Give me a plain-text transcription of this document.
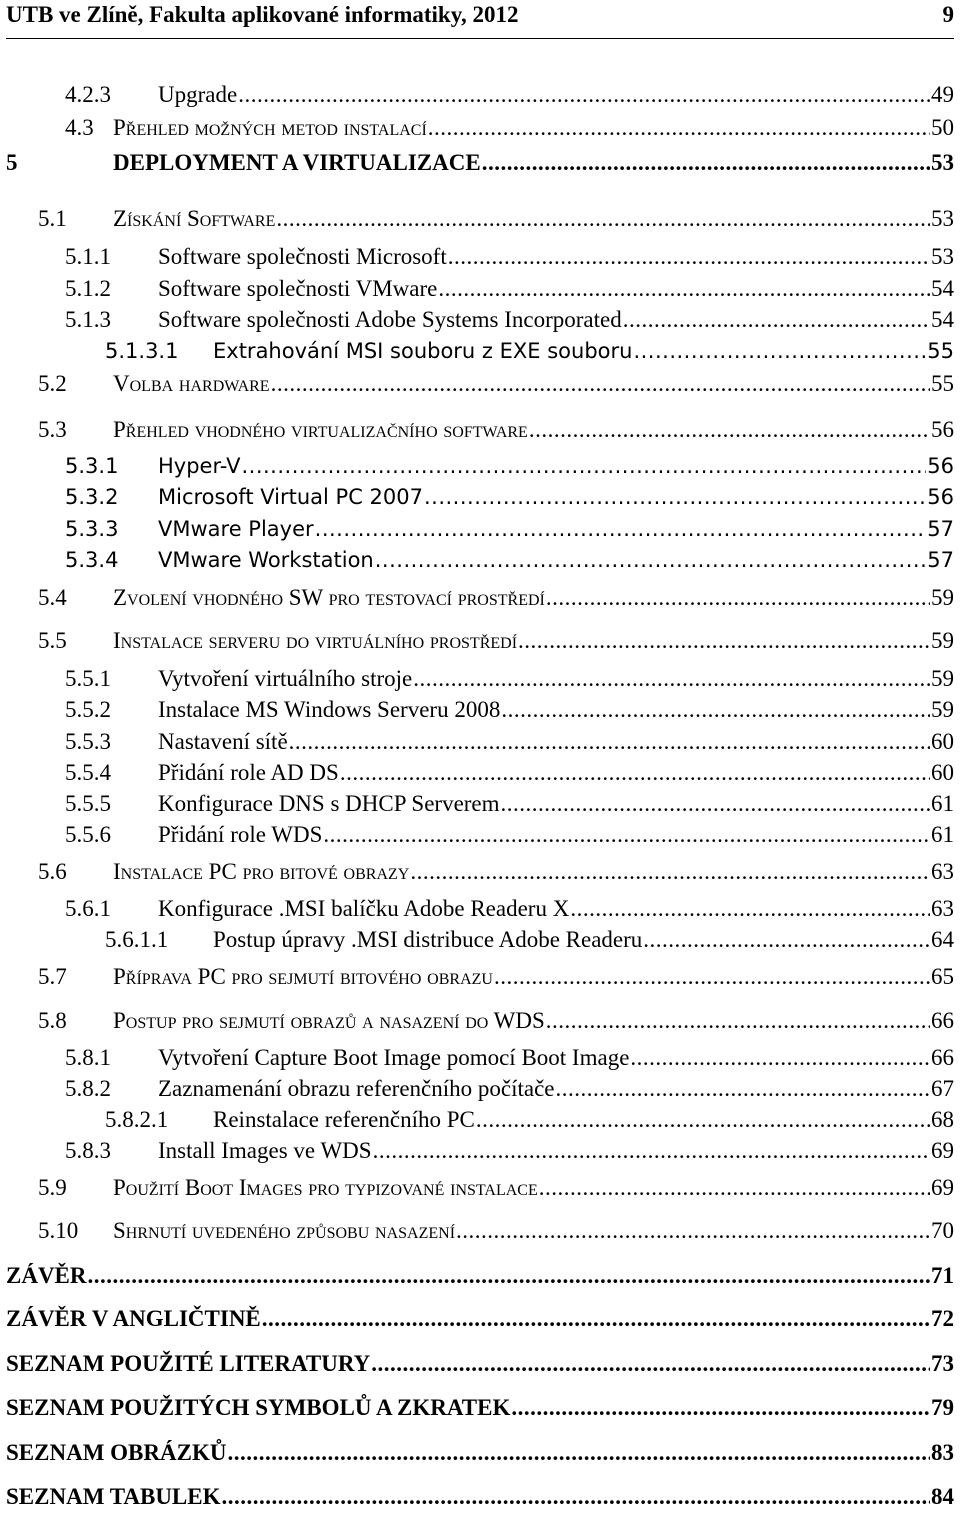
UTB ve Zlíně, Fakulta aplikované informatiky, 2012	9
4.2.3	Upgrade .....	49
4.3 Přehled možných metod instalací .....	50
5	DEPLOYMENT A VIRTUALIZACE .....	53
5.1	Získání Software .....	53
5.1.1	Software společnosti Microsoft .....	53
5.1.2	Software společnosti VMware .....	54
5.1.3	Software společnosti Adobe Systems Incorporated .....	54
5.1.3.1	Extrahování MSI souboru z EXE souboru .....	55
5.2	Volba hardware .....	55
5.3	Přehled vhodného virtualizačního software .....	56
5.3.1	Hyper-V .....	56
5.3.2	Microsoft Virtual PC 2007 .....	56
5.3.3	VMware Player .....	57
5.3.4	VMware Workstation .....	57
5.4	Zvolení vhodného SW pro testovací prostředí .....	59
5.5	Instalace serveru do virtuálního prostředí .....	59
5.5.1	Vytvoření virtuálního stroje .....	59
5.5.2	Instalace MS Windows Serveru 2008 .....	59
5.5.3	Nastavení sítě .....	60
5.5.4	Přidání role AD DS .....	60
5.5.5	Konfigurace DNS s DHCP Serverem .....	61
5.5.6	Přidání role WDS .....	61
5.6	Instalace PC pro bitové obrazy .....	63
5.6.1	Konfigurace .MSI balíčku Adobe Readeru X .....	63
5.6.1.1	Postup úpravy .MSI distribuce Adobe Readeru .....	64
5.7	Příprava PC pro sejmutí bitového obrazu .....	65
5.8	Postup pro sejmutí obrazů a nasazení do WDS .....	66
5.8.1	Vytvoření Capture Boot Image pomocí Boot Image .....	66
5.8.2	Zaznamenání obrazu referenčního počítače .....	67
5.8.2.1	Reinstalace referenčního PC .....	68
5.8.3	Install Images ve WDS .....	69
5.9	Použití Boot Images pro typizované instalace .....	69
5.10	Shrnutí uvedeného způsobu nasazení .....	70
ZÁVĚR .....	71
ZÁVĚR V ANGLIČTINĚ .....	72
SEZNAM POUŽITÉ LITERATURY .....	73
SEZNAM POUŽITÝCH SYMBOLŮ A ZKRATEK .....	79
SEZNAM OBRÁZKŮ .....	83
SEZNAM TABULEK .....	84
